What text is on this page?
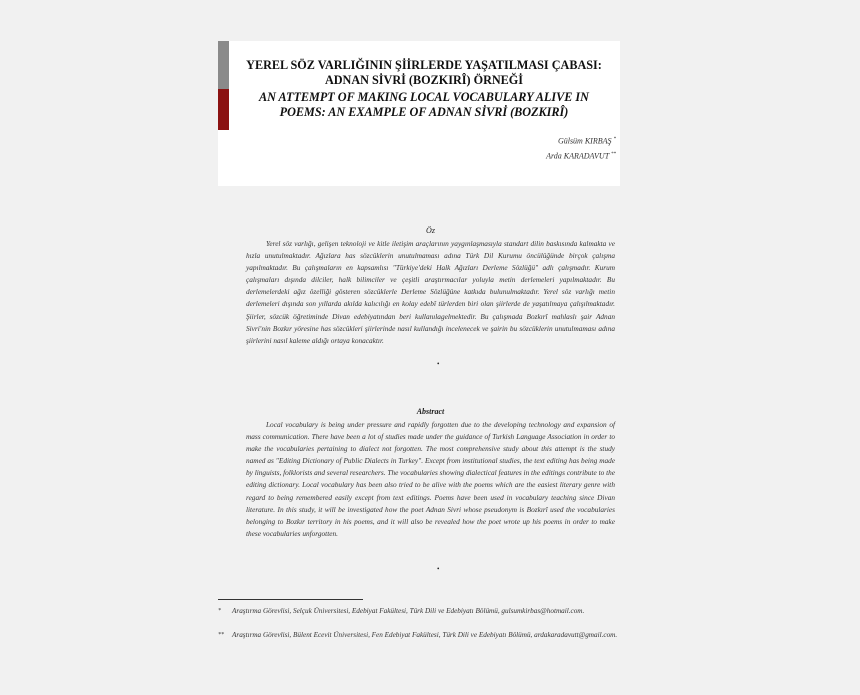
YEREL SÖZ VARLIĞININ ŞİİRLERDE YAŞATILMASI ÇABASI:
ADNAN SİVRİ (BOZKIRÎ) ÖRNEĞİ
AN ATTEMPT OF MAKING LOCAL VOCABULARY ALIVE IN
POEMS: AN EXAMPLE OF ADNAN SİVRİ (BOZKIRÎ)
Gülsüm KIRBAŞ *
Arda KARADAVUT **
Öz
Yerel söz varlığı, gelişen teknoloji ve kitle iletişim araçlarının yaygınlaşmasıyla standart dilin baskısında kalmakta ve hızla unutulmaktadır. Ağızlara has sözcüklerin unutulmaması adına Türk Dil Kurumu öncülüğünde birçok çalışma yapılmaktadır. Bu çalışmaların en kapsamlısı "Türkiye'deki Halk Ağızları Derleme Sözlüğü" adlı çalışmadır. Kurum çalışmaları dışında dilciler, halk bilimciler ve çeşitli araştırmacılar yoluyla metin derlemeleri yapılmaktadır. Bu derlemelerdeki ağız özelliği gösteren sözcüklerle Derleme Sözlüğüne katkıda bulunulmaktadır. Yerel söz varlığı metin derlemeleri dışında son yıllarda akılda kalıcılığı en kolay edebî türlerden biri olan şiirlerde de yaşatılmaya çalışılmaktadır. Şiirler, sözcük öğretiminde Divan edebiyatından beri kullanılagelmektedir. Bu çalışmada Bozkırî mahlaslı şair Adnan Sivri'nin Bozkır yöresine has sözcükleri şiirlerinde nasıl kullandığı incelenecek ve şairin bu sözcüklerin unutulmaması adına şiirlerini nasıl kaleme aldığı ortaya konacaktır.
•
Abstract
Local vocabulary is being under pressure and rapidly forgotten due to the developing technology and expansion of mass communication. There have been a lot of studies made under the guidance of Turkish Language Association in order to make the vocabularies pertaining to dialect not forgotten. The most comprehensive study about this attempt is the study named as "Editing Dictionary of Public Dialects in Turkey". Except from institutional studies, the text editing has being made by linguists, folklorists and several researchers. The vocabularies showing dialectical features in the editings contribute to the editing dictionary. Local vocabulary has been also tried to be alive with the poems which are the easiest literary genre with regard to being remembered easily except from text editings. Poems have been used in vocabulary teaching since Divan literature. In this study, it will be investigated how the poet Adnan Sivri whose pseudonym is Bozkırî used the vocabularies belonging to Bozkır territory in his poems, and it will also be revealed how the poet wrote up his poems in order to make these vocabularies unforgotten.
•
* Araştırma Görevlisi, Selçuk Üniversitesi, Edebiyat Fakültesi, Türk Dili ve Edebiyatı Bölümü, gulsumkirbas@hotmail.com.
** Araştırma Görevlisi, Bülent Ecevit Üniversitesi, Fen Edebiyat Fakültesi, Türk Dili ve Edebiyatı Bölümü, ardakaradavutt@gmail.com.
